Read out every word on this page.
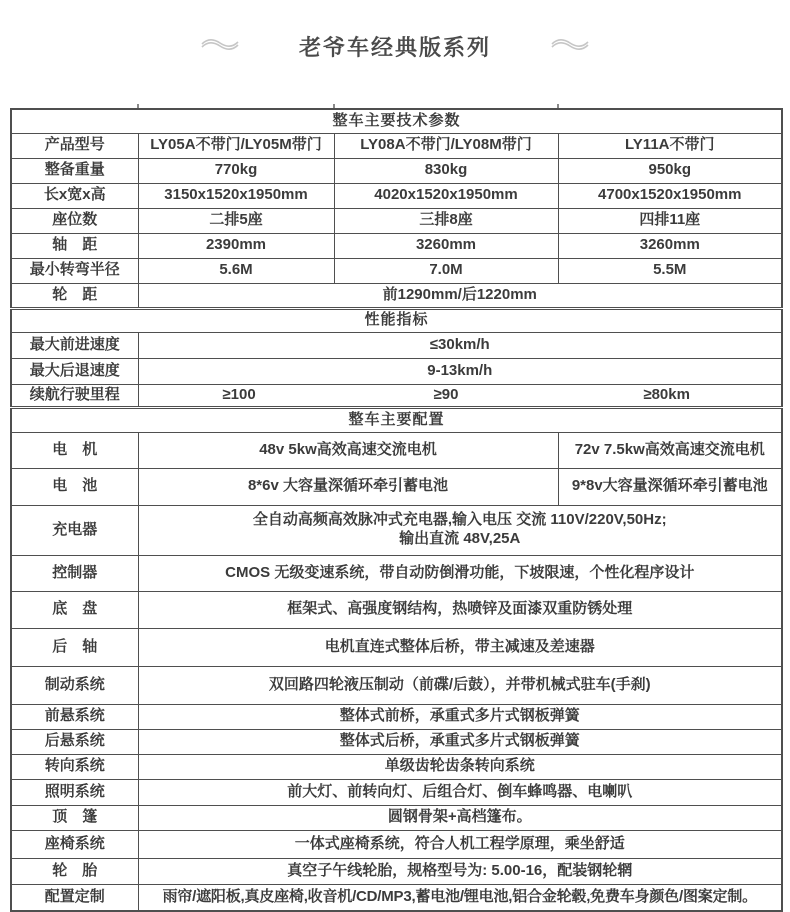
老爷车经典版系列
整车主要技术参数			
产品型号	LY05A不带门/LY05M带门	LY08A不带门/LY08M带门	LY11A不带门
整备重量	770kg	830kg	950kg
长x宽x高	3150x1520x1950mm	4020x1520x1950mm	4700x1520x1950mm
座位数	二排5座	三排8座	四排11座
轴　距	2390mm	3260mm	3260mm
最小转弯半径	5.6M	7.0M	5.5M
轮　距	前1290mm/后1220mm		
性能指标			
最大前进速度	≤30km/h		
最大后退速度	9-13km/h		
续航行驶里程	≥100 ≥90 ≥80km		

整车主要配置			
电　机	48v 5kw高效高速交流电机		72v 7.5kw高效高速交流电机
电　池	8*6v 大容量深循环牵引蓄电池		9*8v大容量深循环牵引蓄电池
充电器	全自动高频高效脉冲式充电器,输入电压 交流 110V/220V,50Hz;
输出直流 48V,25A		

控制器	CMOS 无级变速系统，带自动防倒滑功能，下坡限速，个性化程序设计		
底　盘	框架式、高强度钢结构，热喷锌及面漆双重防锈处理		
后　轴	电机直连式整体后桥，带主减速及差速器		
制动系统	双回路四轮液压制动（前碟/后鼓），并带机械式驻车(手刹)		
前悬系统	整体式前桥，承重式多片式钢板弹簧		
后悬系统	整体式后桥，承重式多片式钢板弹簧		
转向系统	单级齿轮齿条转向系统		
照明系统	前大灯、前转向灯、后组合灯、倒车蜂鸣器、电喇叭		
顶　篷	圆钢骨架+高档篷布。		
座椅系统	一体式座椅系统，符合人机工程学原理，乘坐舒适		
轮　胎	真空子午线轮胎，规格型号为: 5.00-16，配装钢轮辋		
配置定制	雨帘/遮阳板,真皮座椅,收音机/CD/MP3,蓄电池/锂电池,铝合金轮毂,免费车身颜色/图案定制。		
